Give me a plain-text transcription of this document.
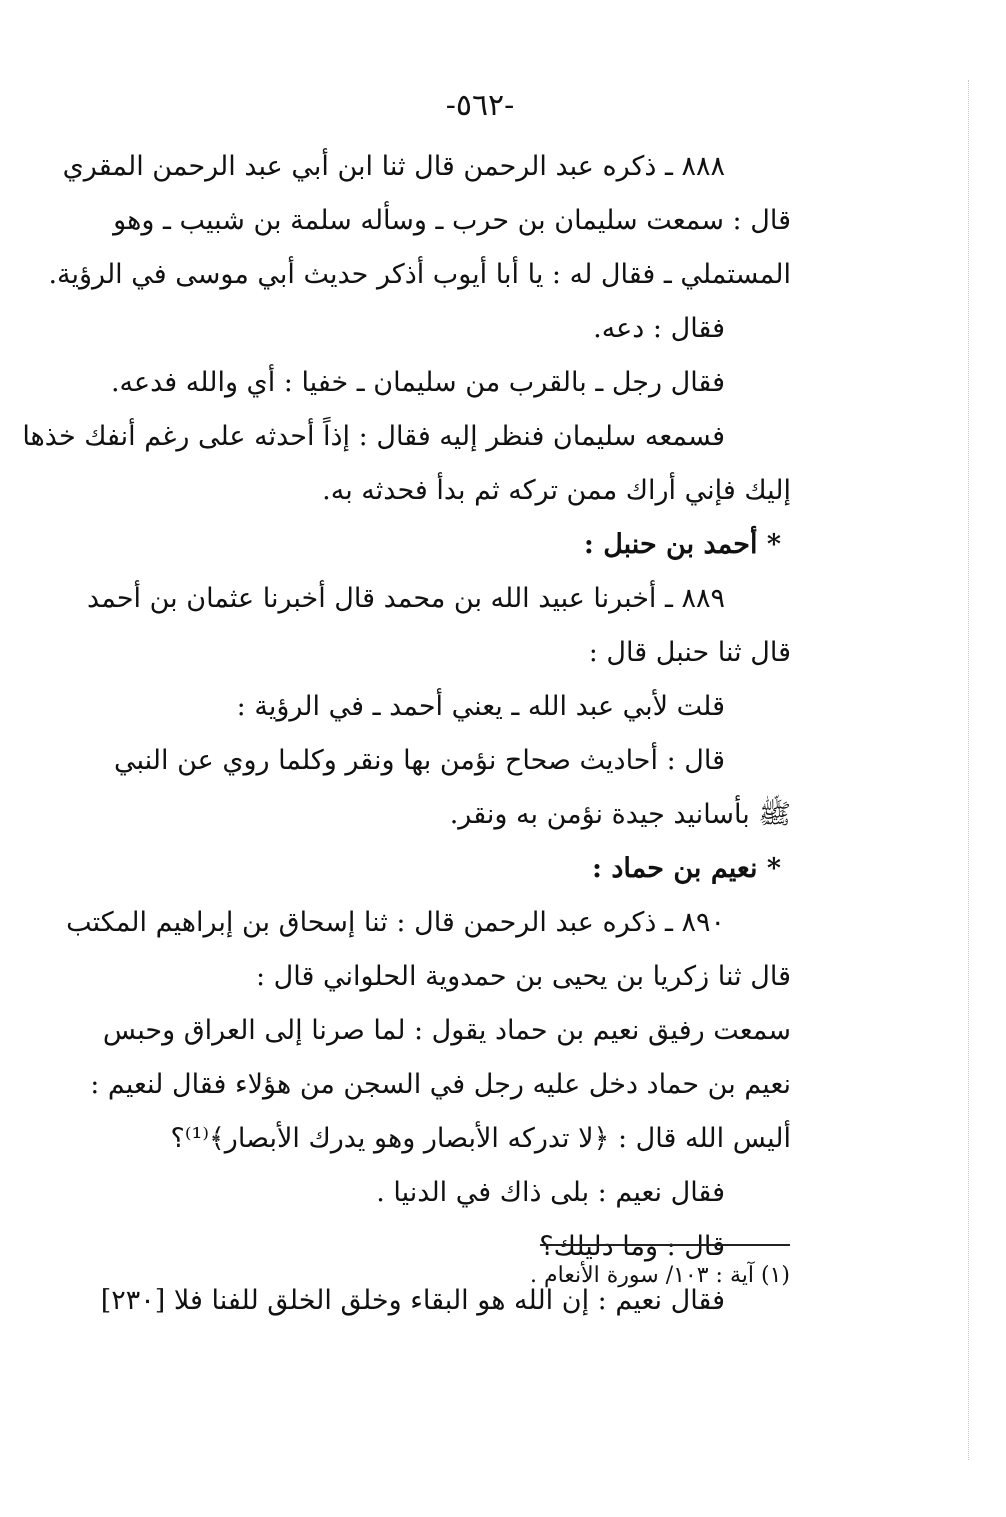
-٥٦٢-
٨٨٨ ـ ذكره عبد الرحمن قال ثنا ابن أبي عبد الرحمن المقري
قال : سمعت سليمان بن حرب ـ وسأله سلمة بن شبيب ـ وهو
المستملي ـ فقال له : يا أبا أيوب أذكر حديث أبي موسى في الرؤية.
فقال : دعه.
فقال رجل ـ بالقرب من سليمان ـ خفيا : أي والله فدعه.
فسمعه سليمان فنظر إليه فقال : إذاً أحدثه على رغم أنفك خذها
إليك فإني أراك ممن تركه ثم بدأ فحدثه به.
* أحمد بن حنبل :
٨٨٩ ـ أخبرنا عبيد الله بن محمد قال أخبرنا عثمان بن أحمد
قال ثنا حنبل قال :
قلت لأبي عبد الله ـ يعني أحمد ـ في الرؤية :
قال : أحاديث صحاح نؤمن بها ونقر وكلما روي عن النبي
ﷺ بأسانيد جيدة نؤمن به ونقر.
* نعيم بن حماد :
٨٩٠ ـ ذكره عبد الرحمن قال : ثنا إسحاق بن إبراهيم المكتب
قال ثنا زكريا بن يحيى بن حمدوية الحلواني قال :
سمعت رفيق نعيم بن حماد يقول : لما صرنا إلى العراق وحبس
نعيم بن حماد دخل عليه رجل في السجن من هؤلاء فقال لنعيم :
أليس الله قال : ﴿لا تدركه الأبصار وهو يدرك الأبصار﴾⁽¹⁾؟
فقال نعيم : بلى ذاك في الدنيا .
قال : وما دليلك؟
فقال نعيم : إن الله هو البقاء وخلق الخلق للفنا فلا [٢٣٠]
(١) آية : ١٠٣/ سورة الأنعام .
